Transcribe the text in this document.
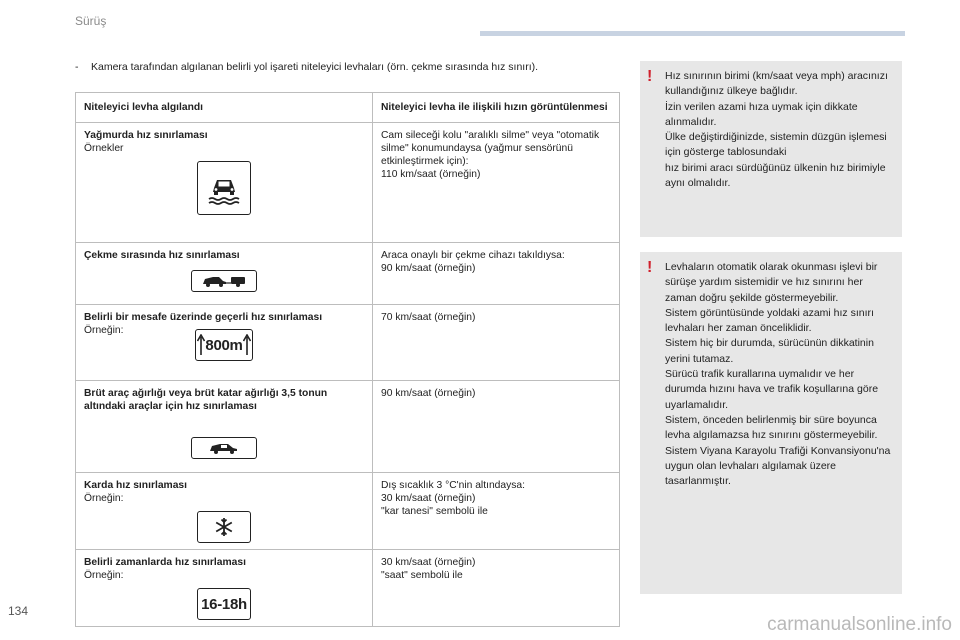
Sürüş
- Kamera tarafından algılanan belirli yol işareti niteleyici levhaları (örn. çekme sırasında hız sınırı).
Niteleyici levha algılandı	Niteleyici levha ile ilişkili hızın görüntülenmesi

Yağmurda hız sınırlaması
Örnekler	Cam sileceği kolu "aralıklı silme" veya "otomatik silme" konumundaysa (yağmur sensörünü etkinleştirmek için):
110 km/saat (örneğin)

Çekme sırasında hız sınırlaması	Araca onaylı bir çekme cihazı takıldıysa:
90 km/saat (örneğin)

Belirli bir mesafe üzerinde geçerli hız sınırlaması
Örneğin:
800m	70 km/saat (örneğin)

Brüt araç ağırlığı veya brüt katar ağırlığı 3,5 tonun altındaki araçlar için hız sınırlaması	90 km/saat (örneğin)

Karda hız sınırlaması
Örneğin:	Dış sıcaklık 3 °C'nin altındaysa:
30 km/saat (örneğin)
"kar tanesi" sembolü ile

Belirli zamanlarda hız sınırlaması
Örneğin:
16-18h	30 km/saat (örneğin)
"saat" sembolü ile
! Hız sınırının birimi (km/saat veya mph) aracınızı kullandığınız ülkeye bağlıdır.
İzin verilen azami hıza uymak için dikkate alınmalıdır.
Ülke değiştirdiğinizde, sistemin düzgün işlemesi için gösterge tablosundaki
hız birimi aracı sürdüğünüz ülkenin hız birimiyle aynı olmalıdır.
! Levhaların otomatik olarak okunması işlevi bir sürüşe yardım sistemidir ve hız sınırını her zaman doğru şekilde göstermeyebilir.
Sistem görüntüsünde yoldaki azami hız sınırı levhaları her zaman önceliklidir.
Sistem hiç bir durumda, sürücünün dikkatinin yerini tutamaz.
Sürücü trafik kurallarına uymalıdır ve her durumda hızını hava ve trafik koşullarına göre uyarlamalıdır.
Sistem, önceden belirlenmiş bir süre boyunca levha algılamazsa hız sınırını göstermeyebilir.
Sistem Viyana Karayolu Trafiği Konvansiyonu'na uygun olan levhaları algılamak üzere tasarlanmıştır.
134
carmanualsonline.info
